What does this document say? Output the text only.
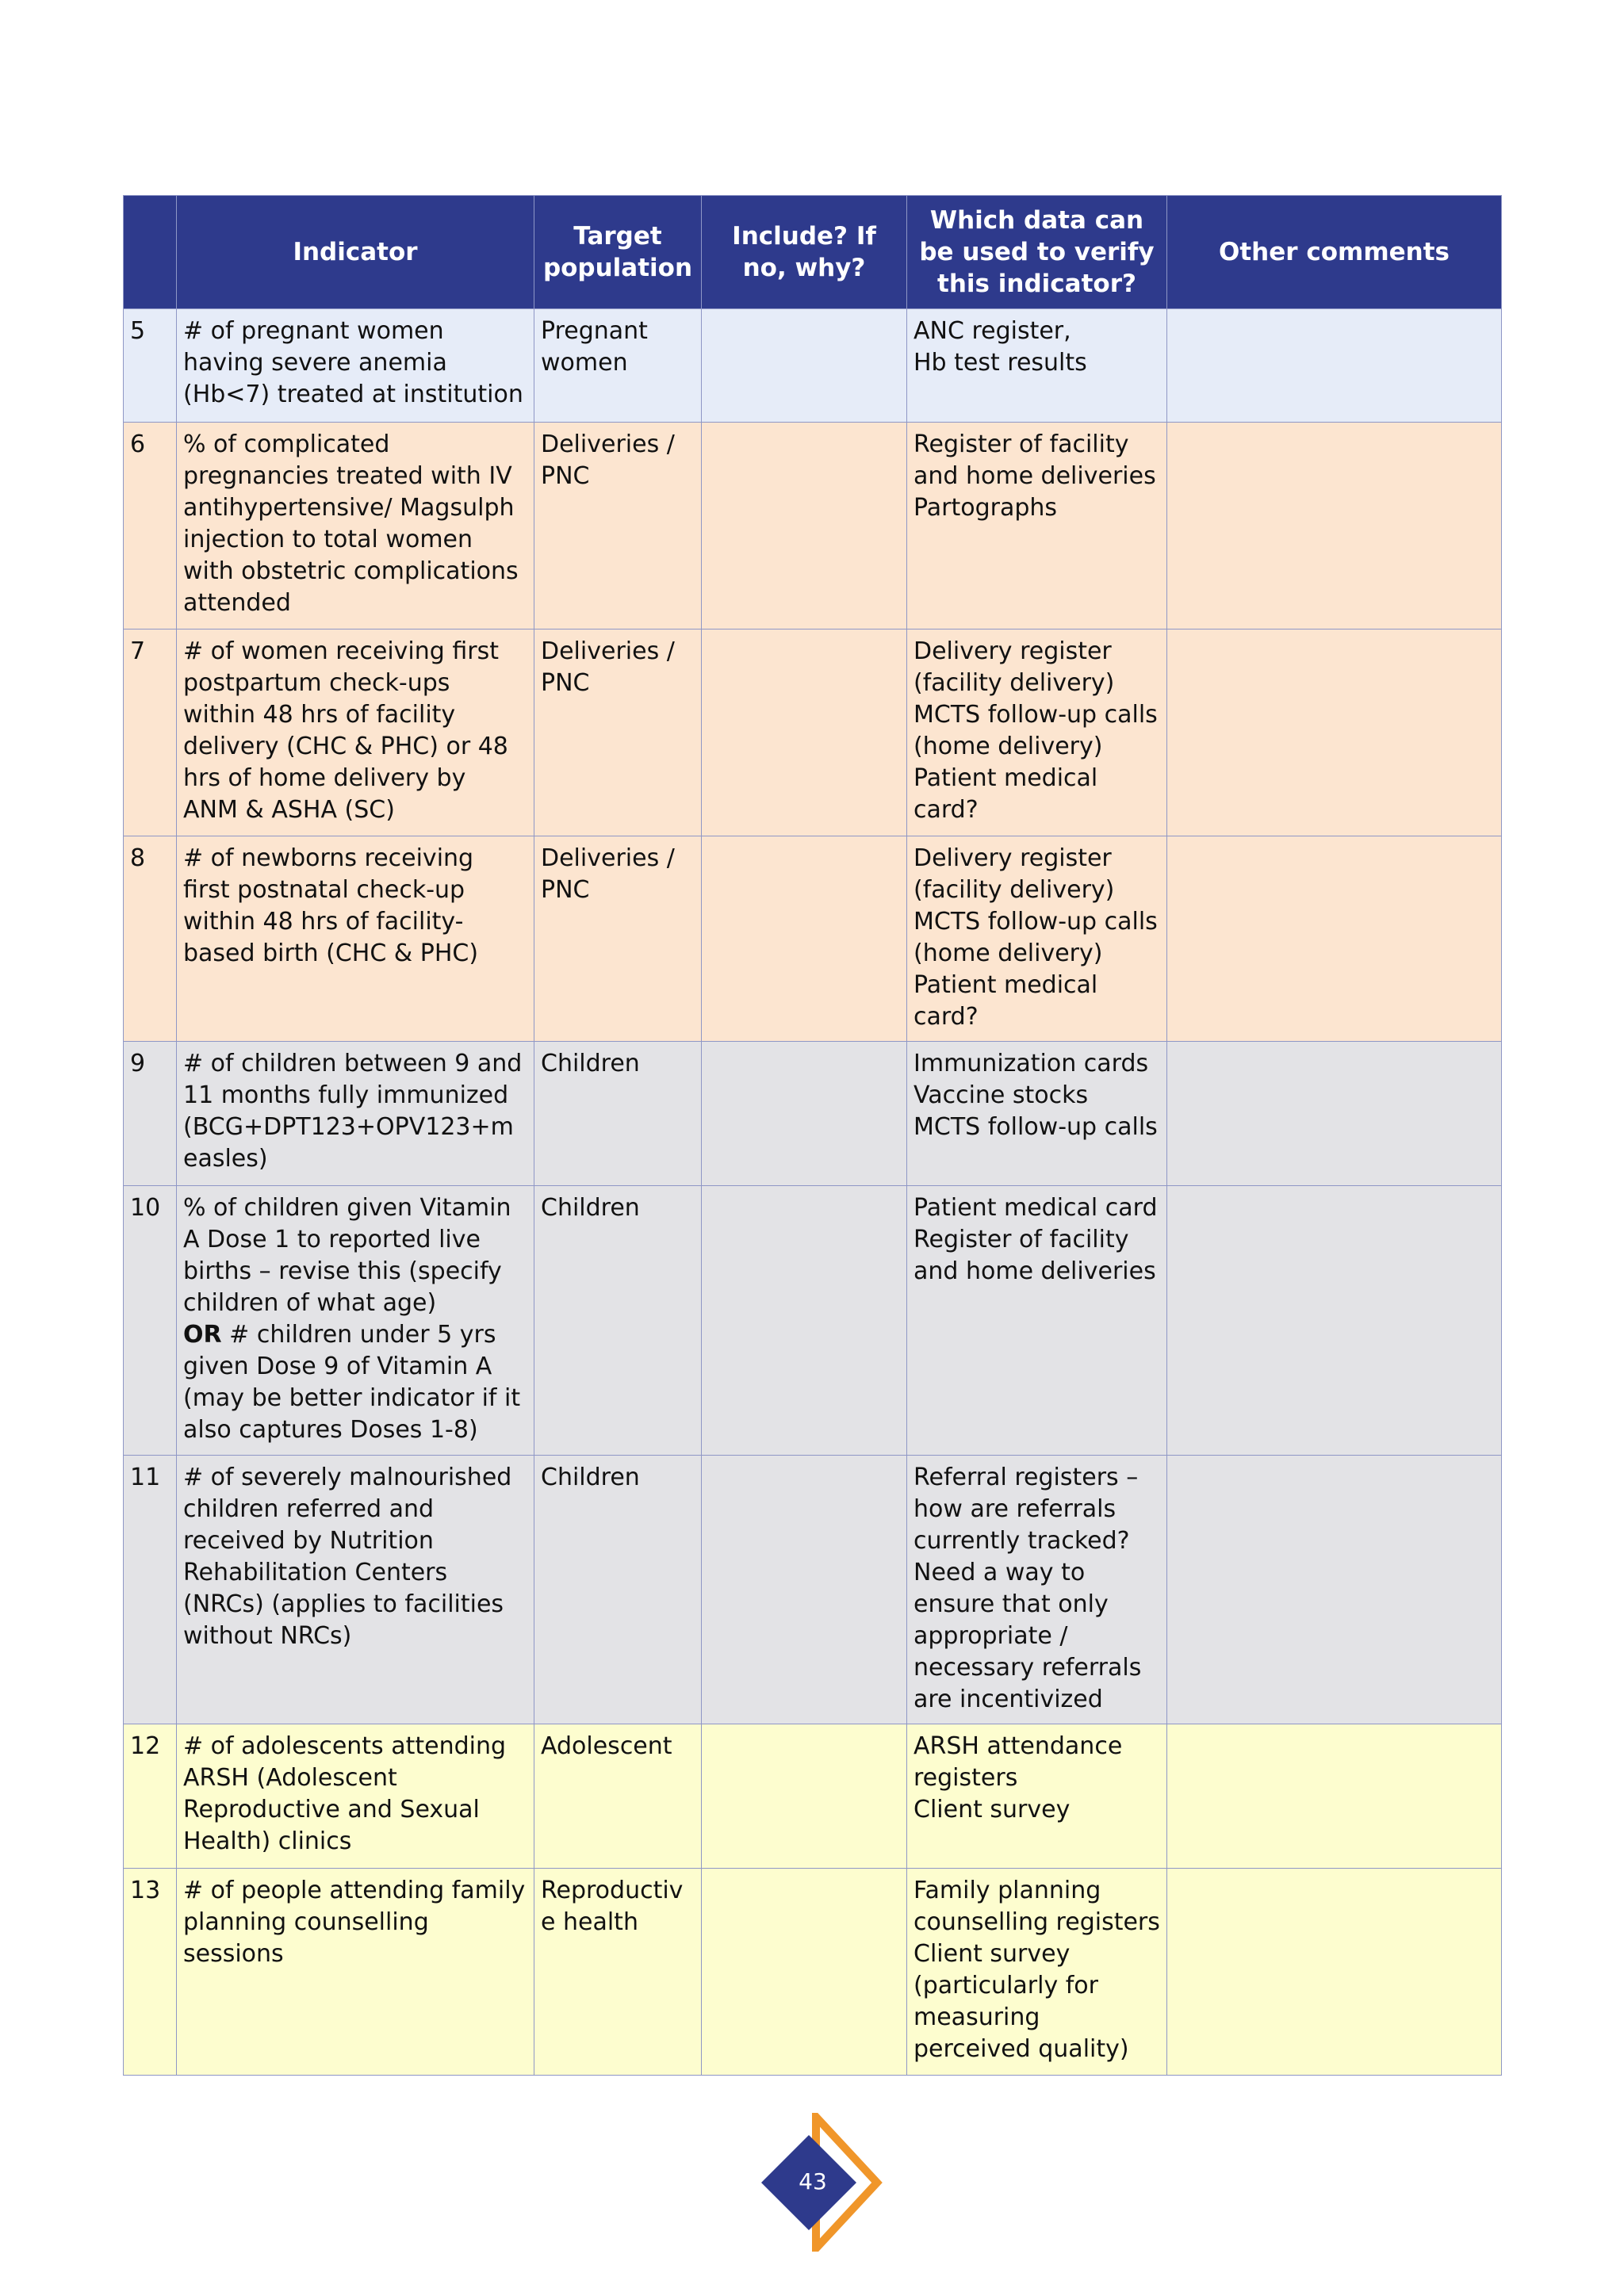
	Indicator	Target population	Include? If no, why?	Which data can be used to verify this indicator?	Other comments
5	# of pregnant women having severe anemia (Hb<7) treated at institution	Pregnant women		ANC register,
Hb test results	

6	% of complicated pregnancies treated with IV antihypertensive/ Magsulph injection to total women with obstetric complications attended	Deliveries / PNC		Register of facility and home deliveries
Partographs	

7	# of women receiving first postpartum check-ups within 48 hrs of facility delivery (CHC & PHC) or 48 hrs of home delivery by ANM & ASHA (SC)	Deliveries / PNC		Delivery register (facility delivery)
MCTS follow-up calls (home delivery)
Patient medical card?	

8	# of newborns receiving first postnatal check-up within 48 hrs of facility-based birth (CHC & PHC)	Deliveries / PNC		Delivery register (facility delivery)
MCTS follow-up calls (home delivery)
Patient medical card?	

9	# of children between 9 and 11 months fully immunized (BCG+DPT123+OPV123+measles)	Children		Immunization cards
Vaccine stocks
MCTS follow-up calls	

10	% of children given Vitamin A Dose 1 to reported live births – revise this (specify children of what age)
OR # children under 5 yrs given Dose 9 of Vitamin A (may be better indicator if it also captures Doses 1-8)	Children		Patient medical card
Register of facility and home deliveries	

11	# of severely malnourished children referred and received by Nutrition Rehabilitation Centers (NRCs) (applies to facilities without NRCs)	Children		Referral registers – how are referrals currently tracked? Need a way to ensure that only appropriate / necessary referrals are incentivized	

12	# of adolescents attending ARSH (Adolescent Reproductive and Sexual Health) clinics	Adolescent		ARSH attendance registers
Client survey	

13	# of people attending family planning counselling sessions	Reproductive health		Family planning counselling registers
Client survey (particularly for measuring perceived quality)	

43
